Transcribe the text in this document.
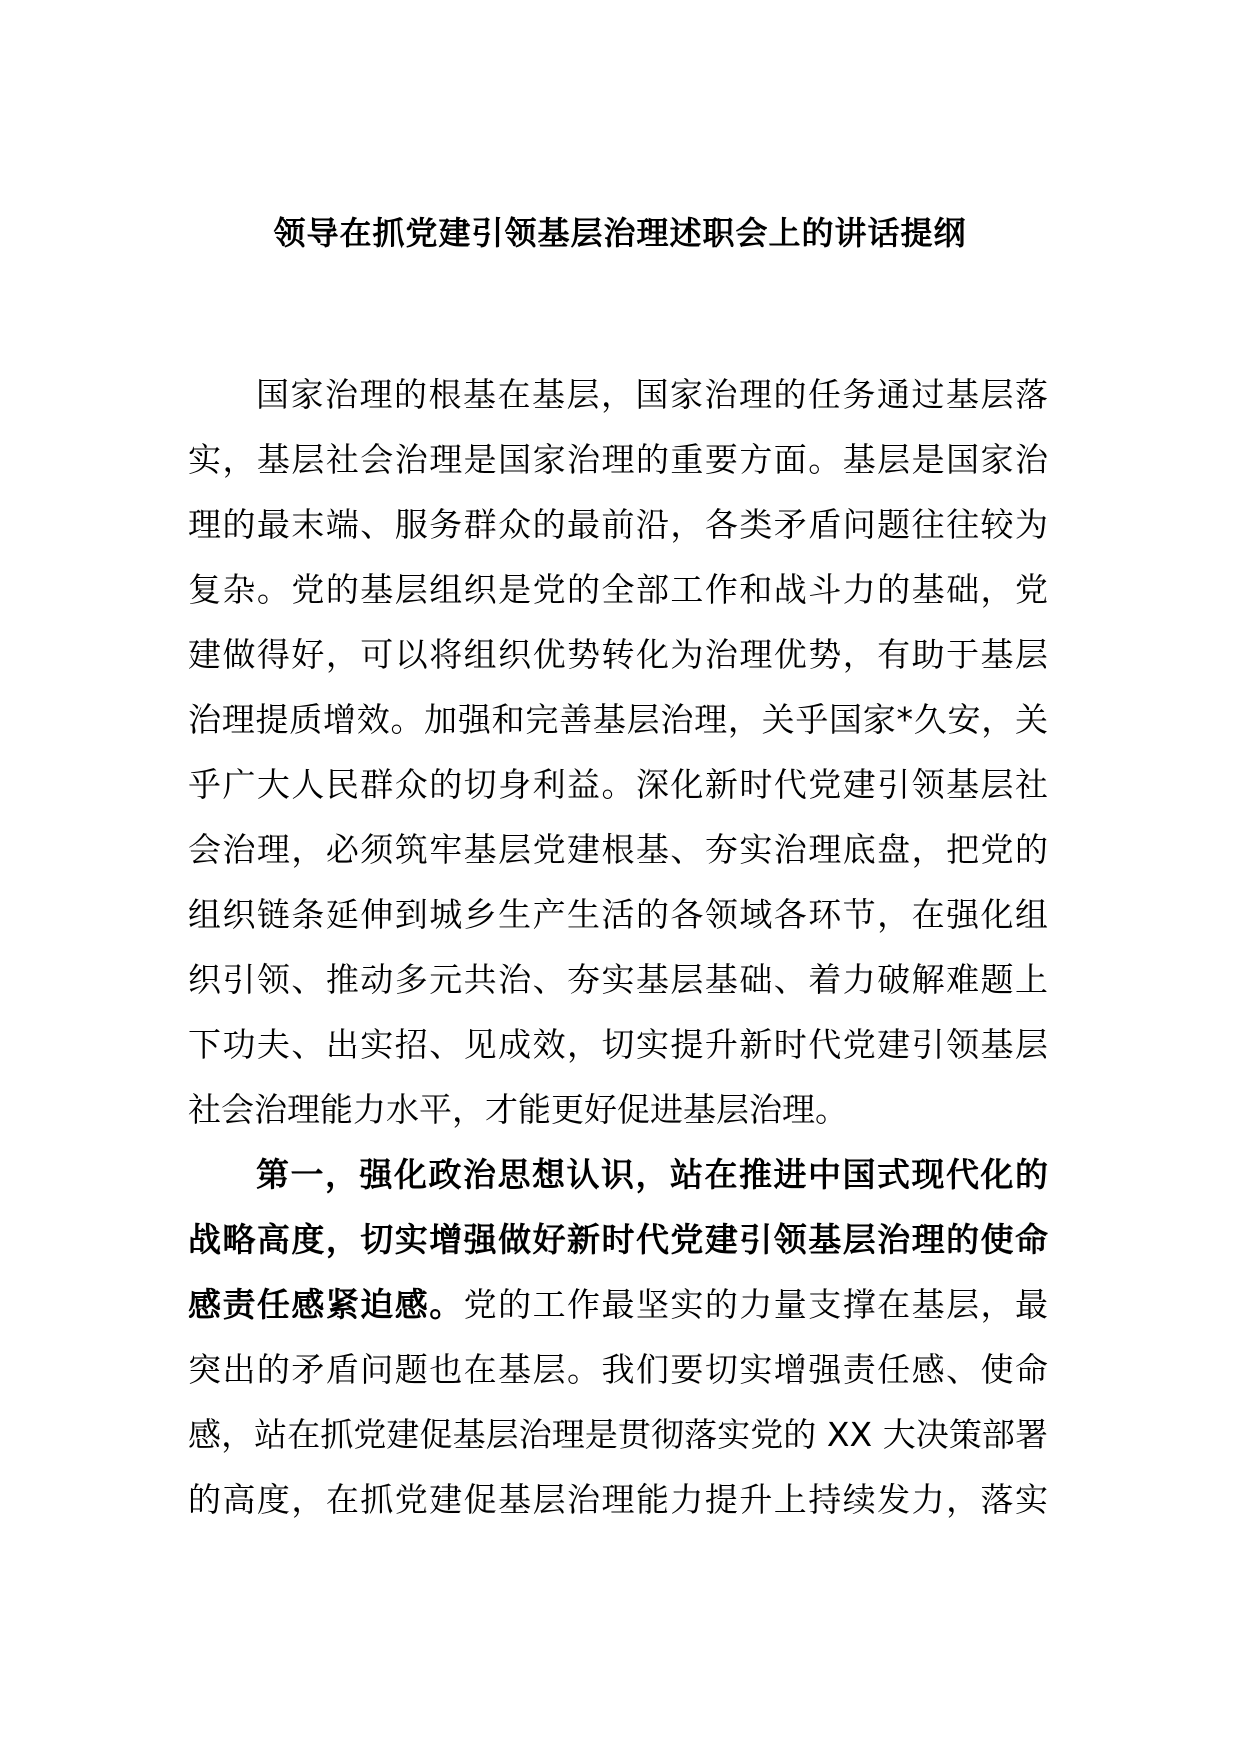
领导在抓党建引领基层治理述职会上的讲话提纲
国家治理的根基在基层，国家治理的任务通过基层落
实，基层社会治理是国家治理的重要方面。基层是国家治
理的最末端、服务群众的最前沿，各类矛盾问题往往较为
复杂。党的基层组织是党的全部工作和战斗力的基础，党
建做得好，可以将组织优势转化为治理优势，有助于基层
治理提质增效。加强和完善基层治理，关乎国家*久安，关
乎广大人民群众的切身利益。深化新时代党建引领基层社
会治理，必须筑牢基层党建根基、夯实治理底盘，把党的
组织链条延伸到城乡生产生活的各领域各环节，在强化组
织引领、推动多元共治、夯实基层基础、着力破解难题上
下功夫、出实招、见成效，切实提升新时代党建引领基层
社会治理能力水平，才能更好促进基层治理。
第一，强化政治思想认识，站在推进中国式现代化的
战略高度，切实增强做好新时代党建引领基层治理的使命
感责任感紧迫感。党的工作最坚实的力量支撑在基层，最
突出的矛盾问题也在基层。我们要切实增强责任感、使命
感，站在抓党建促基层治理是贯彻落实党的 XX 大决策部署
的高度，在抓党建促基层治理能力提升上持续发力，落实
